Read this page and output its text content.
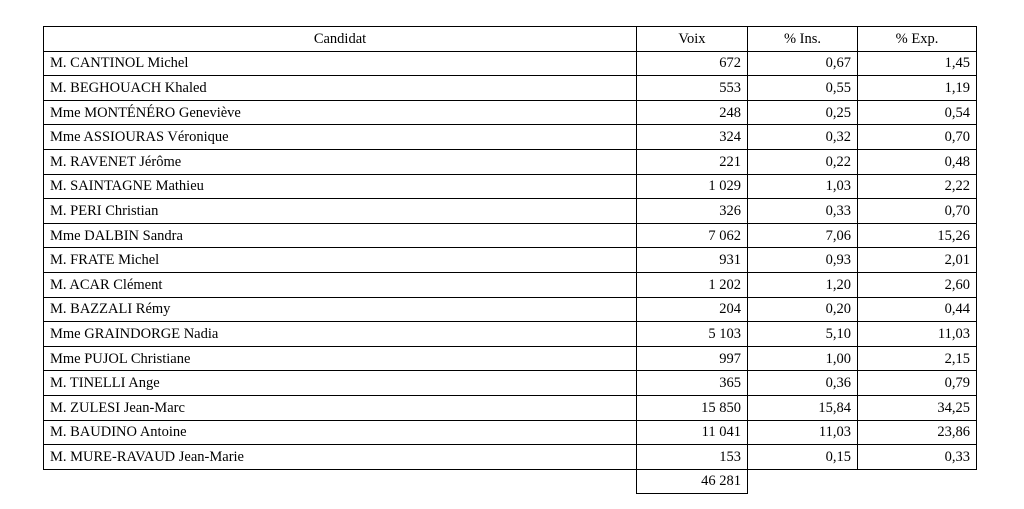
Candidat	Voix	% Ins.	% Exp.
M. CANTINOL Michel	672	0,67	1,45
M. BEGHOUACH Khaled	553	0,55	1,19
Mme MONTÉNÉRO Geneviève	248	0,25	0,54
Mme ASSIOURAS Véronique	324	0,32	0,70
M. RAVENET Jérôme	221	0,22	0,48
M. SAINTAGNE Mathieu	1 029	1,03	2,22
M. PERI Christian	326	0,33	0,70
Mme DALBIN Sandra	7 062	7,06	15,26
M. FRATE Michel	931	0,93	2,01
M. ACAR Clément	1 202	1,20	2,60
M. BAZZALI Rémy	204	0,20	0,44
Mme GRAINDORGE Nadia	5 103	5,10	11,03
Mme PUJOL Christiane	997	1,00	2,15
M. TINELLI Ange	365	0,36	0,79
M. ZULESI Jean-Marc	15 850	15,84	34,25
M. BAUDINO Antoine	11 041	11,03	23,86
M. MURE-RAVAUD Jean-Marie	153	0,15	0,33
	46 281		
